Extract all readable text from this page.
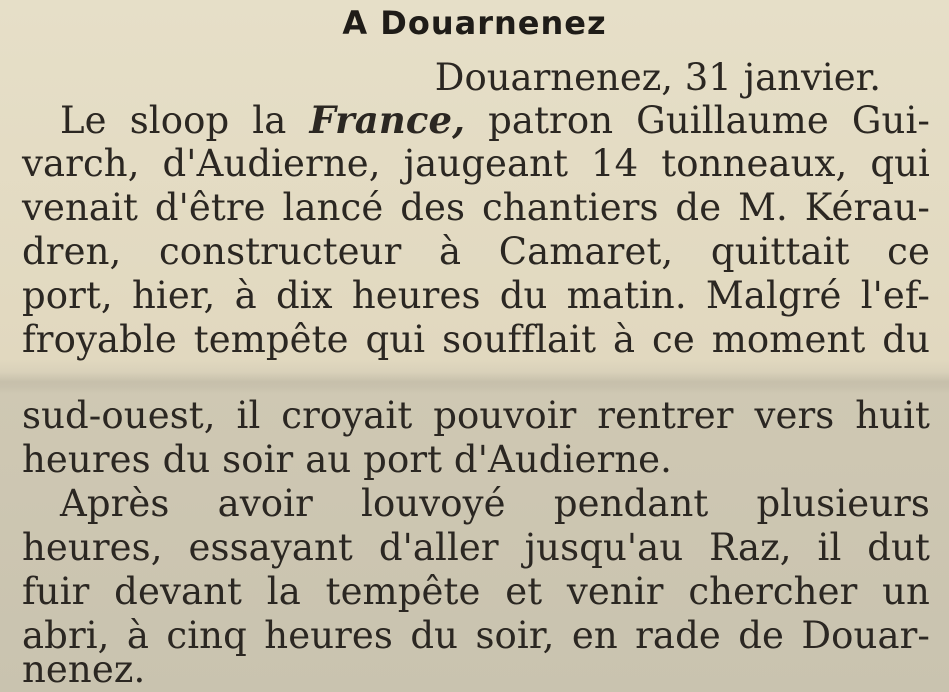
A Douarnenez
Douarnenez, 31 janvier.
Le sloop la France, patron Guillaume Gui-
varch, d'Audierne, jaugeant 14 tonneaux, qui
venait d'être lancé des chantiers de M. Kérau-
dren, constructeur à Camaret, quittait ce
port, hier, à dix heures du matin. Malgré l'ef-
froyable tempête qui soufflait à ce moment du
sud-ouest, il croyait pouvoir rentrer vers huit
heures du soir au port d'Audierne.
Après avoir louvoyé pendant plusieurs
heures, essayant d'aller jusqu'au Raz, il dut
fuir devant la tempête et venir chercher un
abri, à cinq heures du soir, en rade de Douar-
nenez.
